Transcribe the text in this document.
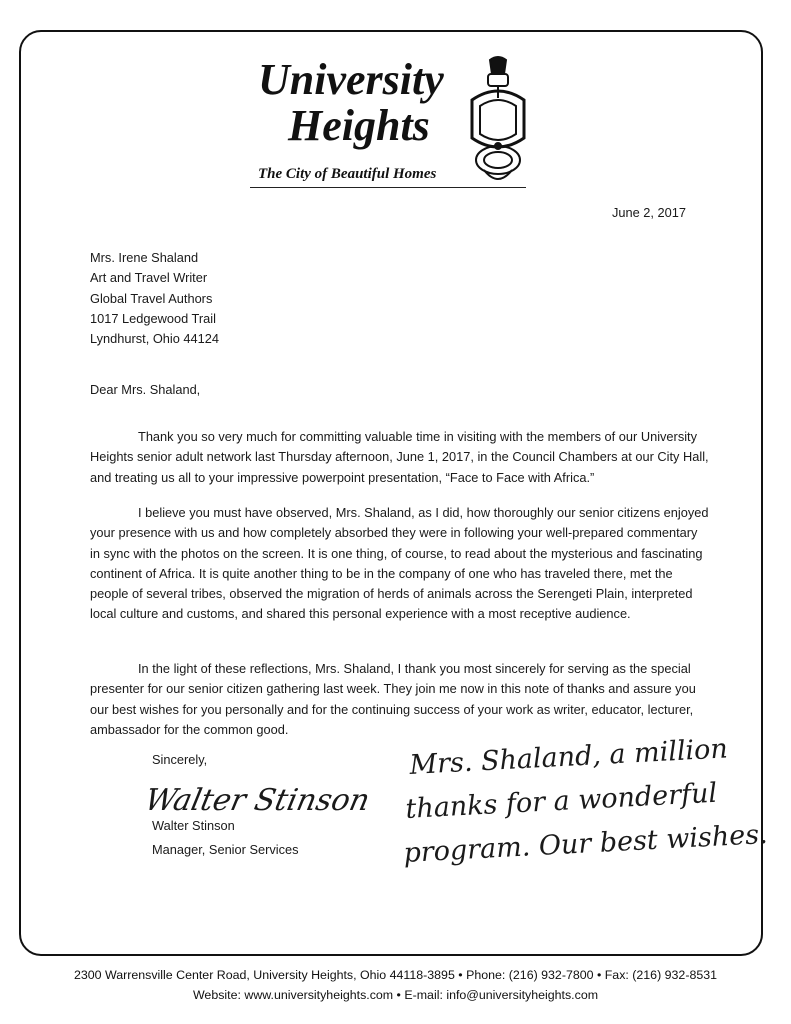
University
Heights
The City of Beautiful Homes
June 2, 2017
Mrs. Irene Shaland
Art and Travel Writer
Global Travel Authors
1017 Ledgewood Trail
Lyndhurst, Ohio 44124
Dear Mrs. Shaland,

Thank you so very much for committing valuable time in visiting with the members of our University Heights senior adult network last Thursday afternoon, June 1, 2017, in the Council Chambers at our City Hall, and treating us all to your impressive powerpoint presentation, “Face to Face with Africa.”

I believe you must have observed, Mrs. Shaland, as I did, how thoroughly our senior citizens enjoyed your presence with us and how completely absorbed they were in following your well-prepared commentary in sync with the photos on the screen. It is one thing, of course, to read about the mysterious and fascinating continent of Africa. It is quite another thing to be in the company of one who has traveled there, met the people of several tribes, observed the migration of herds of animals across the Serengeti Plain, interpreted local culture and customs, and shared this personal experience with a most receptive audience.

In the light of these reflections, Mrs. Shaland, I thank you most sincerely for serving as the special presenter for our senior citizen gathering last week. They join me now in this note of thanks and assure you our best wishes for you personally and for the continuing success of your work as writer, educator, lecturer, ambassador for the common good.

Sincerely,
Walter Stinson
Walter Stinson
Manager, Senior Services
Mrs. Shaland, a million
thanks for a wonderful
program. Our best wishes.
2300 Warrensville Center Road, University Heights, Ohio 44118-3895 • Phone: (216) 932-7800 • Fax: (216) 932-8531
Website: www.universityheights.com • E-mail: info@universityheights.com
